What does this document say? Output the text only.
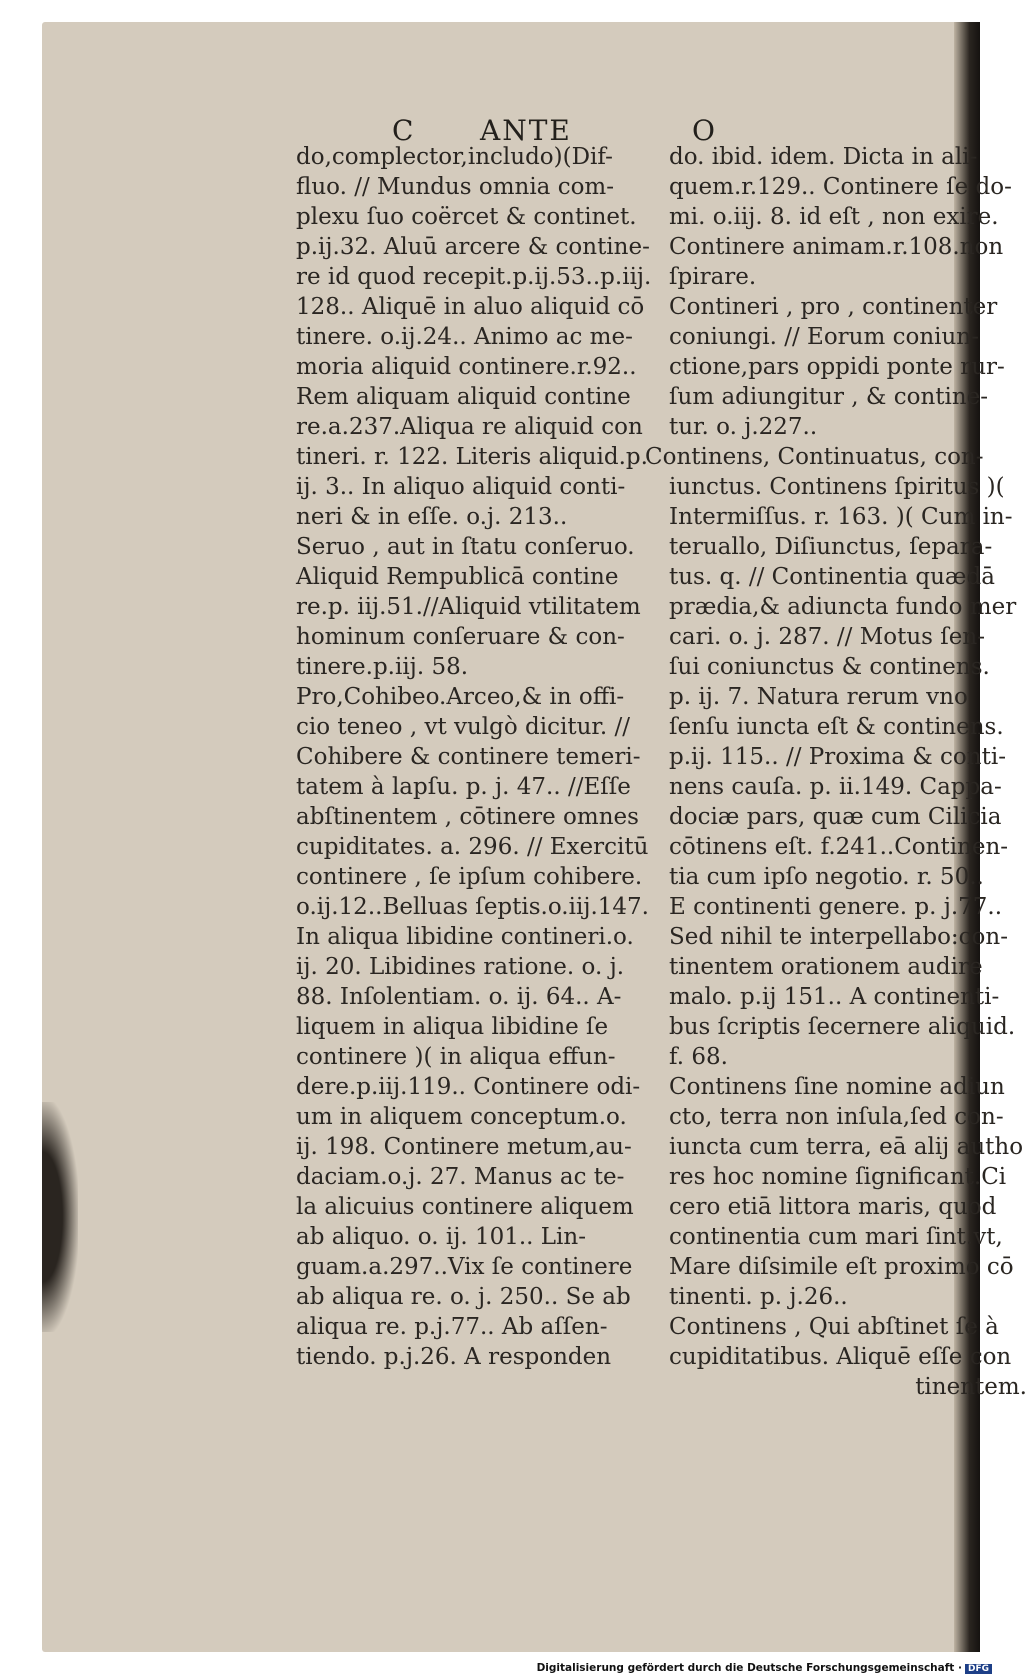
C ANTE	O
do,complector,includo)(Dif-
fluo. // Mundus omnia com-
plexu ſuo coërcet & continet.
p.ij.32. Aluū arcere & contine-
re id quod recepit.p.ij.53..p.iij.
128.. Aliquē in aluo aliquid cō
tinere. o.ij.24.. Animo ac me-
moria aliquid continere.r.92..
Rem aliquam aliquid contine
re.a.237.Aliqua re aliquid con
tineri. r. 122. Literis aliquid.p.
ij. 3.. In aliquo aliquid conti-
neri & in eſſe. o.j. 213..
Seruo , aut in ſtatu conſeruo.
Aliquid Rempublicā contine
re.p. iij.51.//Aliquid vtilitatem
hominum conſeruare & con-
tinere.p.iij. 58.
Pro,Cohibeo.Arceo,& in offi-
cio teneo , vt vulgò dicitur. //
Cohibere & continere temeri-
tatem à lapſu. p. j. 47.. //Eſſe
abſtinentem , cōtinere omnes
cupiditates. a. 296. // Exercitū
continere , ſe ipſum cohibere.
o.ij.12..Belluas ſeptis.o.iij.147.
In aliqua libidine contineri.o.
ij. 20. Libidines ratione. o. j.
88. Inſolentiam. o. ij. 64.. A-
liquem in aliqua libidine ſe
continere )( in aliqua effun-
dere.p.iij.119.. Continere odi-
um in aliquem conceptum.o.
ij. 198. Continere metum,au-
daciam.o.j. 27. Manus ac te-
la alicuius continere aliquem
ab aliquo. o. ij. 101.. Lin-
guam.a.297..Vix ſe continere
ab aliqua re. o. j. 250.. Se ab
aliqua re. p.j.77.. Ab aſſen-
tiendo. p.j.26. A responden
do. ibid. idem. Dicta in ali-
quem.r.129.. Continere ſe do-
mi. o.iij. 8. id eſt , non exire.
Continere animam.r.108.non
ſpirare.
Contineri , pro , continenter
coniungi. // Eorum coniun-
ctione,pars oppidi ponte rur-
ſum adiungitur , & contine-
tur. o. j.227..
Continens, Continuatus, con-
iunctus. Continens ſpiritus )(
Intermiſſus. r. 163. )( Cum in-
teruallo, Diſiunctus, ſepara-
tus. q. // Continentia quædā
prædia,& adiuncta fundo mer
cari. o. j. 287. // Motus ſen-
ſui coniunctus & continens.
p. ij. 7. Natura rerum vno
ſenſu iuncta eſt & continens.
p.ij. 115.. // Proxima & conti-
nens cauſa. p. ii.149. Cappa-
dociæ pars, quæ cum Cilicia
cōtinens eſt. f.241..Continen-
tia cum ipſo negotio. r. 50..
E continenti genere. p. j.77..
Sed nihil te interpellabo:con-
tinentem orationem audire
malo. p.ij 151.. A continenti-
bus ſcriptis ſecernere aliquid.
f. 68.
Continens ſine nomine adiun
cto, terra non inſula,ſed con-
iuncta cum terra, eā alij autho
res hoc nomine ſignificant.Ci
cero etiā littora maris, quod
continentia cum mari ſint.vt,
Mare diſsimile eſt proximo cō
tinenti. p. j.26..
Continens , Qui abſtinet ſe à
cupiditatibus. Aliquē eſſe con
tinentem.
Digitalisierung gefördert durch die Deutsche Forschungsgemeinschaft · DFG
